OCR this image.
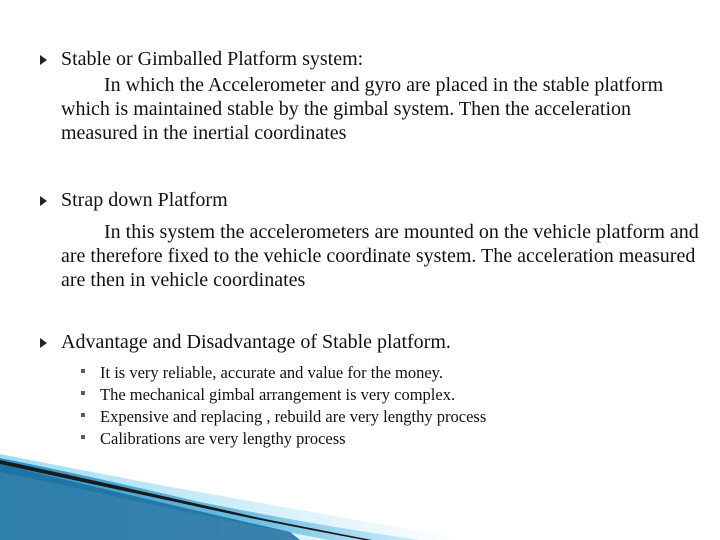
Stable or Gimballed Platform system:
In which the Accelerometer and gyro are placed in the stable platform which is maintained stable by the gimbal system. Then the acceleration measured in the inertial coordinates
Strap down Platform
In this system the accelerometers are mounted on the vehicle platform and are therefore fixed to the vehicle coordinate system. The acceleration measured are then in vehicle coordinates
Advantage and Disadvantage of Stable platform.
It is very reliable, accurate and value for the money.
The mechanical gimbal arrangement is very complex.
Expensive and replacing , rebuild are very lengthy process
Calibrations are very lengthy process
